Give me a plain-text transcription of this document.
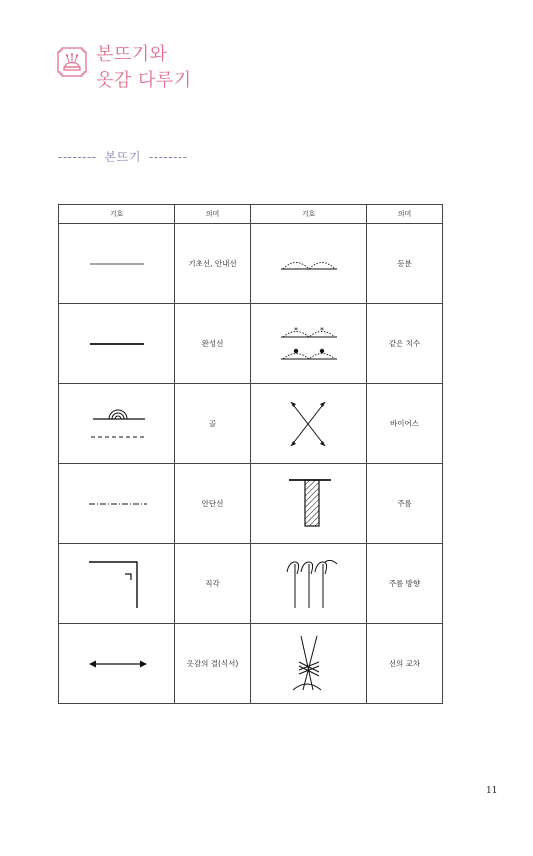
본뜨기와
옷감 다루기
-------- 본뜨기 --------
기호	의미	기호	의미

	기초선, 안내선		등분

	완성선	* *	같은 치수

	골		바이어스

	안단선		주름

	직각		주름 방향

	옷감의 결(식서)		선의 교차
11
